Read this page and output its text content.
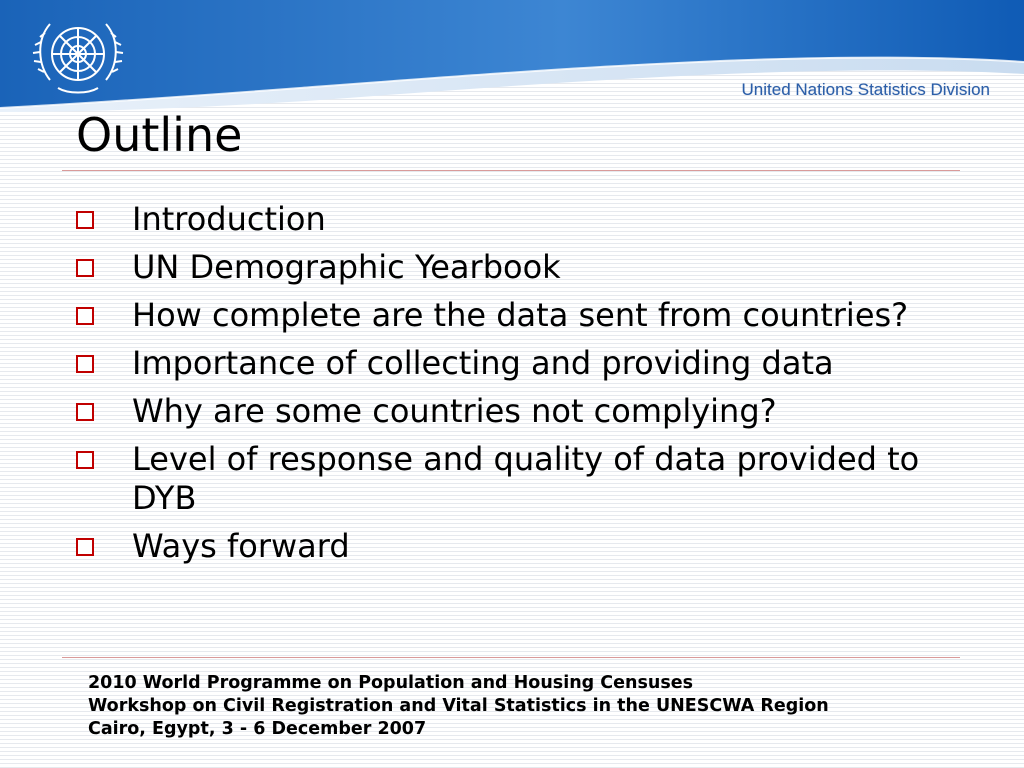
United Nations Statistics Division
Outline
Introduction
UN Demographic Yearbook
How complete are the data sent from countries?
Importance of collecting and providing data
Why are some countries not complying?
Level of response and quality of data provided to DYB
Ways forward
2010 World Programme on Population and Housing Censuses
Workshop on Civil Registration and Vital Statistics in the UNESCWA Region
Cairo, Egypt, 3 - 6 December 2007
